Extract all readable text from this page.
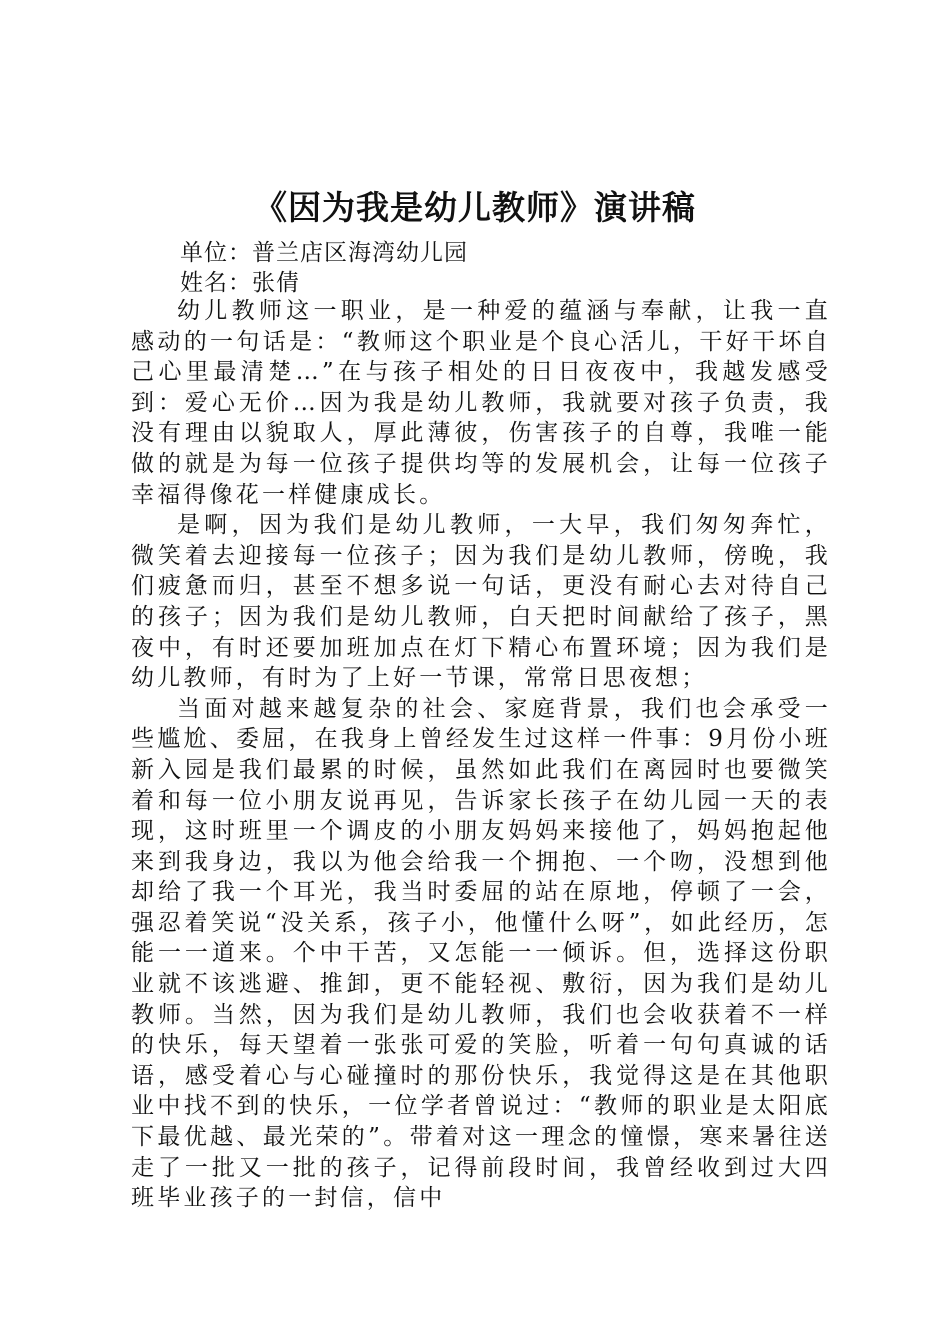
《因为我是幼儿教师》演讲稿

单位：普兰店区海湾幼儿园

姓名：张倩

幼儿教师这一职业，是一种爱的蕴涵与奉献，让我一直感动的一句话是：“教师这个职业是个良心活儿，干好干坏自己心里最清楚…”在与孩子相处的日日夜夜中，我越发感受到：爱心无价…因为我是幼儿教师，我就要对孩子负责，我没有理由以貌取人，厚此薄彼，伤害孩子的自尊，我唯一能做的就是为每一位孩子提供均等的发展机会，让每一位孩子幸福得像花一样健康成长。

是啊，因为我们是幼儿教师，一大早，我们匆匆奔忙，微笑着去迎接每一位孩子；因为我们是幼儿教师，傍晚，我们疲惫而归，甚至不想多说一句话，更没有耐心去对待自己的孩子；因为我们是幼儿教师，白天把时间献给了孩子，黑夜中，有时还要加班加点在灯下精心布置环境；因为我们是幼儿教师，有时为了上好一节课，常常日思夜想；

当面对越来越复杂的社会、家庭背景，我们也会承受一些尴尬、委屈，在我身上曾经发生过这样一件事：9月份小班新入园是我们最累的时候，虽然如此我们在离园时也要微笑着和每一位小朋友说再见，告诉家长孩子在幼儿园一天的表现，这时班里一个调皮的小朋友妈妈来接他了，妈妈抱起他来到我身边，我以为他会给我一个拥抱、一个吻，没想到他却给了我一个耳光，我当时委屈的站在原地，停顿了一会，强忍着笑说“没关系，孩子小，他懂什么呀”，如此经历，怎能一一道来。个中干苦，又怎能一一倾诉。但，选择这份职业就不该逃避、推卸，更不能轻视、敷衍，因为我们是幼儿教师。当然，因为我们是幼儿教师，我们也会收获着不一样的快乐，每天望着一张张可爱的笑脸，听着一句句真诚的话语，感受着心与心碰撞时的那份快乐，我觉得这是在其他职业中找不到的快乐，一位学者曾说过：“教师的职业是太阳底下最优越、最光荣的”。带着对这一理念的憧憬，寒来暑往送走了一批又一批的孩子，记得前段时间，我曾经收到过大四班毕业孩子的一封信，信中
